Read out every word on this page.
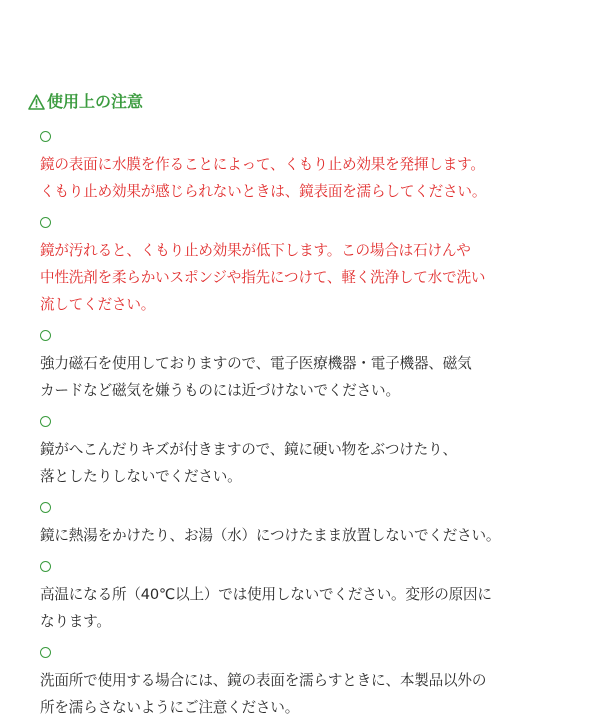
使用上の注意
鏡の表面に水膜を作ることによって、くもり止め効果を発揮します。
くもり止め効果が感じられないときは、鏡表面を濡らしてください。
鏡が汚れると、くもり止め効果が低下します。この場合は石けんや
中性洗剤を柔らかいスポンジや指先につけて、軽く洗浄して水で洗い
流してください。
強力磁石を使用しておりますので、電子医療機器・電子機器、磁気
カードなど磁気を嫌うものには近づけないでください。
鏡がへこんだりキズが付きますので、鏡に硬い物をぶつけたり、
落としたりしないでください。
鏡に熱湯をかけたり、お湯（水）につけたまま放置しないでください。
高温になる所（40℃以上）では使用しないでください。変形の原因に
なります。
洗面所で使用する場合には、鏡の表面を濡らすときに、本製品以外の
所を濡らさないようにご注意ください。
